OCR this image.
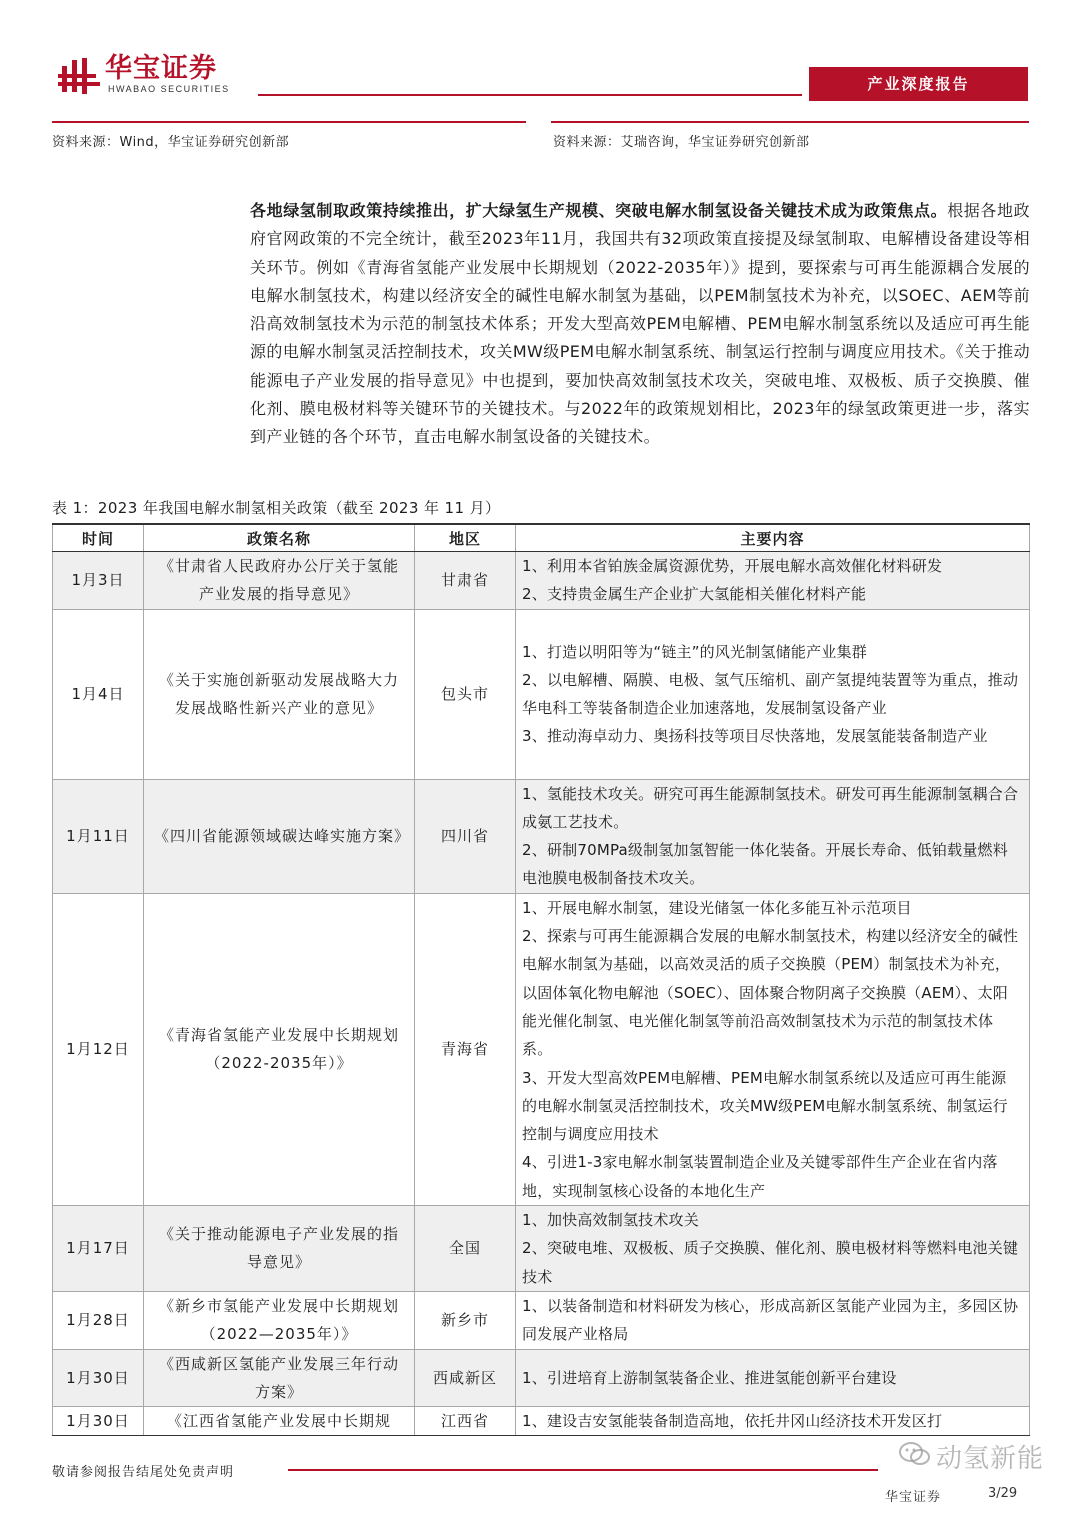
华宝证券
HWABAO SECURITIES	产业深度报告
资料来源：Wind，华宝证券研究创新部	资料来源：艾瑞咨询，华宝证券研究创新部
各地绿氢制取政策持续推出，扩大绿氢生产规模、突破电解水制氢设备关键技术成为政策焦点。根据各地政府官网政策的不完全统计，截至2023年11月，我国共有32项政策直接提及绿氢制取、电解槽设备建设等相关环节。例如《青海省氢能产业发展中长期规划（2022-2035年）》提到，要探索与可再生能源耦合发展的电解水制氢技术，构建以经济安全的碱性电解水制氢为基础，以PEM制氢技术为补充，以SOEC、AEM等前沿高效制氢技术为示范的制氢技术体系；开发大型高效PEM电解槽、PEM电解水制氢系统以及适应可再生能源的电解水制氢灵活控制技术，攻关MW级PEM电解水制氢系统、制氢运行控制与调度应用技术。《关于推动能源电子产业发展的指导意见》中也提到，要加快高效制氢技术攻关，突破电堆、双极板、质子交换膜、催化剂、膜电极材料等关键环节的关键技术。与2022年的政策规划相比，2023年的绿氢政策更进一步，落实到产业链的各个环节，直击电解水制氢设备的关键技术。
表 1：2023 年我国电解水制氢相关政策（截至 2023 年 11 月）
时间	政策名称	地区	主要内容
1月3日	《甘肃省人民政府办公厅关于氢能产业发展的指导意见》	甘肃省	1、利用本省铂族金属资源优势，开展电解水高效催化材料研发
2、支持贵金属生产企业扩大氢能相关催化材料产能

1月4日	《关于实施创新驱动发展战略大力发展战略性新兴产业的意见》	包头市	1、打造以明阳等为“链主”的风光制氢储能产业集群
2、以电解槽、隔膜、电极、氢气压缩机、副产氢提纯装置等为重点，推动华电科工等装备制造企业加速落地，发展制氢设备产业
3、推动海卓动力、奥扬科技等项目尽快落地，发展氢能装备制造产业

1月11日	《四川省能源领域碳达峰实施方案》	四川省	1、氢能技术攻关。研究可再生能源制氢技术。研发可再生能源制氢耦合合成氨工艺技术。
2、研制70MPa级制氢加氢智能一体化装备。开展长寿命、低铂载量燃料电池膜电极制备技术攻关。

1月12日	《青海省氢能产业发展中长期规划（2022-2035年）》	青海省	1、开展电解水制氢，建设光储氢一体化多能互补示范项目
2、探索与可再生能源耦合发展的电解水制氢技术，构建以经济安全的碱性电解水制氢为基础，以高效灵活的质子交换膜（PEM）制氢技术为补充，以固体氧化物电解池（SOEC）、固体聚合物阴离子交换膜（AEM）、太阳能光催化制氢、电光催化制氢等前沿高效制氢技术为示范的制氢技术体系。
3、开发大型高效PEM电解槽、PEM电解水制氢系统以及适应可再生能源的电解水制氢灵活控制技术，攻关MW级PEM电解水制氢系统、制氢运行控制与调度应用技术
4、引进1-3家电解水制氢装置制造企业及关键零部件生产企业在省内落地，实现制氢核心设备的本地化生产

1月17日	《关于推动能源电子产业发展的指导意见》	全国	1、加快高效制氢技术攻关
2、突破电堆、双极板、质子交换膜、催化剂、膜电极材料等燃料电池关键技术

1月28日	《新乡市氢能产业发展中长期规划（2022—2035年）》	新乡市	1、以装备制造和材料研发为核心，形成高新区氢能产业园为主，多园区协同发展产业格局

1月30日	《西咸新区氢能产业发展三年行动方案》	西咸新区	1、引进培育上游制氢装备企业、推进氢能创新平台建设

1月30日	《江西省氢能产业发展中长期规	江西省	1、建设吉安氢能装备制造高地，依托井冈山经济技术开发区打
敬请参阅报告结尾处免责声明	动氢新能
华宝证券	3/29
